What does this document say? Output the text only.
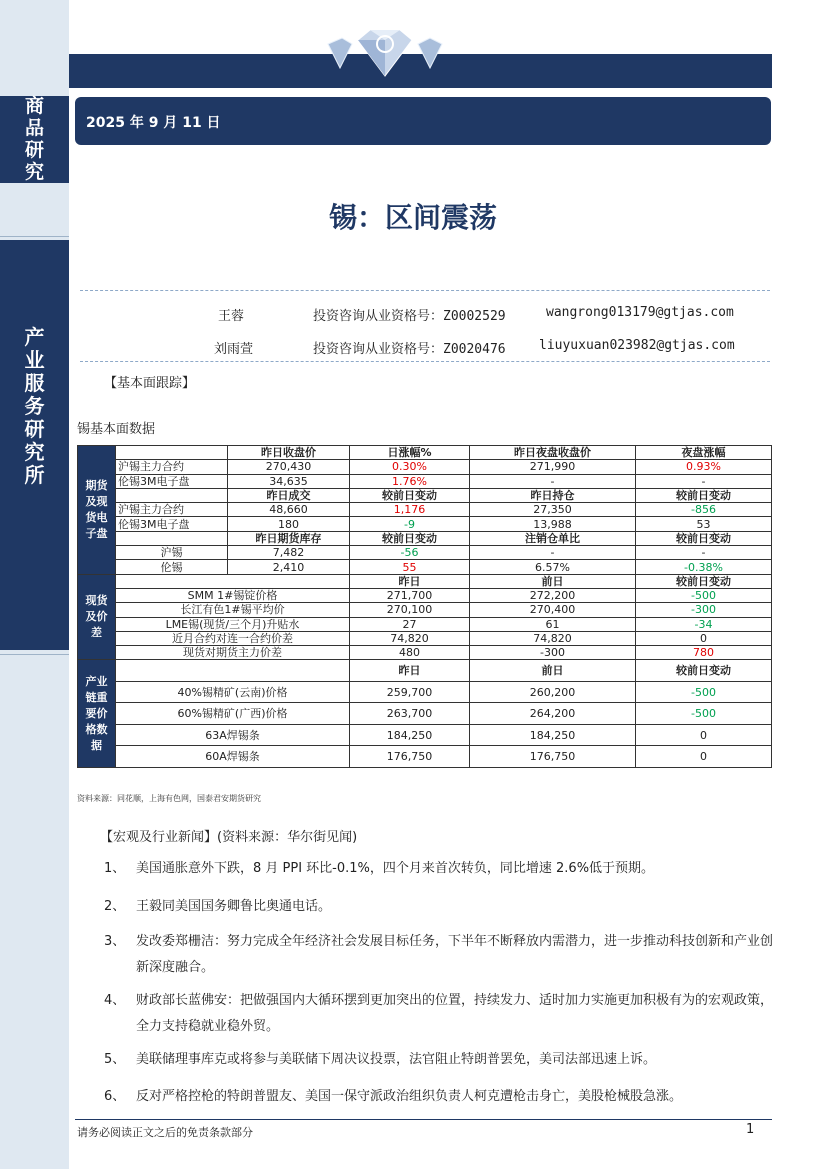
商
品
研
究
产
业
服
务
研
究
所
2025 年 9 月 11 日
锡：区间震荡
王蓉	投资咨询从业资格号：Z0002529	wangrong013179@gtjas.com
刘雨萱	投资咨询从业资格号：Z0020476	liuyuxuan023982@gtjas.com
【基本面跟踪】
锡基本面数据
期货及现货电子盘		昨日收盘价	日涨幅%	昨日夜盘收盘价	夜盘涨幅
	沪锡主力合约	270,430	0.30%	271,990	0.93%
	伦锡3M电子盘	34,635	1.76%	-	-
		昨日成交	较前日变动	昨日持仓	较前日变动
	沪锡主力合约	48,660	1,176	27,350	-856
	伦锡3M电子盘	180	-9	13,988	53
		昨日期货库存	较前日变动	注销仓单比	较前日变动
	沪锡	7,482	-56	-	-
	伦锡	2,410	55	6.57%	-0.38%
现货及价差			昨日	前日	较前日变动
	SMM 1#锡锭价格		271,700	272,200	-500
	长江有色1#锡平均价		270,100	270,400	-300
	LME锡(现货/三个月)升贴水		27	61	-34
	近月合约对连一合约价差		74,820	74,820	0
	现货对期货主力价差		480	-300	780
产业链重要价格数据			昨日	前日	较前日变动
	40%锡精矿(云南)价格		259,700	260,200	-500
	60%锡精矿(广西)价格		263,700	264,200	-500
	63A焊锡条		184,250	184,250	0
	60A焊锡条		176,750	176,750	0
资料来源：同花顺，上海有色网，国泰君安期货研究
【宏观及行业新闻】(资料来源：华尔街见闻)
1、 美国通胀意外下跌，8 月 PPI 环比-0.1%，四个月来首次转负，同比增速 2.6%低于预期。
2、 王毅同美国国务卿鲁比奥通电话。
3、 发改委郑栅洁：努力完成全年经济社会发展目标任务，下半年不断释放内需潜力，进一步推动科技创新和产业创新深度融合。
4、 财政部长蓝佛安：把做强国内大循环摆到更加突出的位置，持续发力、适时加力实施更加积极有为的宏观政策，全力支持稳就业稳外贸。
5、 美联储理事库克或将参与美联储下周决议投票，法官阻止特朗普罢免，美司法部迅速上诉。
6、 反对严格控枪的特朗普盟友、美国一保守派政治组织负责人柯克遭枪击身亡，美股枪械股急涨。
请务必阅读正文之后的免责条款部分	1
